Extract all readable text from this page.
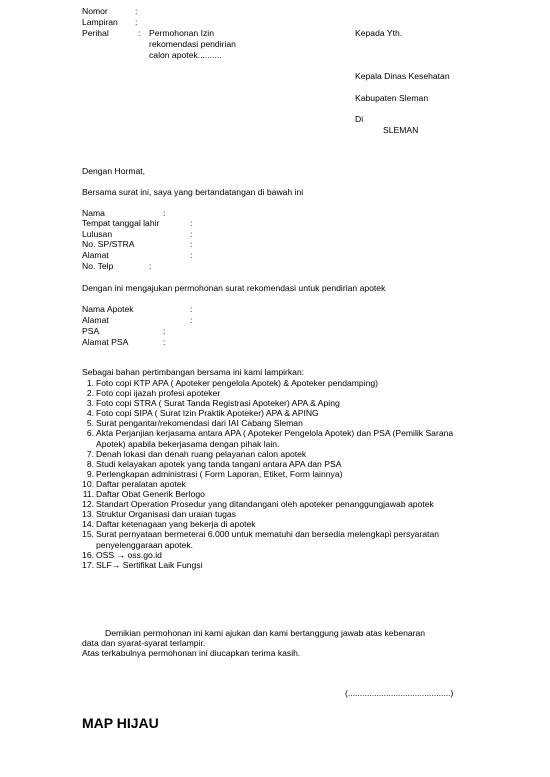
Nomor	:
Lampiran :
Perihal	: Permohonan Izin
rekomendasi pendirian
calon apotek..........
Kepada Yth.
Kepala Dinas Kesehatan
Kabupaten Sleman
Di
SLEMAN
Dengan Hormat,
Bersama surat ini, saya yang bertandatangan di bawah ini
Nama	:
Tempat tanggal lahir	:
Lulusan	:
No. SP/STRA	:
Alamat	:
No. Telp	:
Dengan ini mengajukan permohonan surat rekomendasi untuk pendirian apotek
Nama Apotek	:
Alamat	:
PSA	:
Alamat PSA	:
Sebagai bahan pertimbangan bersama ini kami lampirkan:
1. Foto copi KTP APA ( Apoteker pengelola Apotek) & Apoteker pendamping)
2. Foto copi ijazah profesi apoteker
3. Foto copi STRA ( Surat Tanda Registrasi Apoteker) APA & Aping
4. Foto copi SIPA ( Surat Izin Praktik Apoteker) APA & APING
5. Surat pengantar/rekomendasi dari IAI Cabang Sleman
6. Akta Perjanjian kerjasama antara APA ( Apoteker Pengelola Apotek) dan PSA (Pemilik Sarana Apotek) apabila bekerjasama dengan pihak lain.
7. Denah lokasi dan denah ruang pelayanan calon apotek
8. Studi kelayakan apotek yang tanda tangani antara APA dan PSA
9. Perlengkapan administrasi ( Form Laporan, Etiket, Form lainnya)
10. Daftar peralatan apotek
11. Daftar Obat Generik Berlogo
12. Standart Operation Prosedur yang ditandangani oleh apoteker penanggungjawab apotek
13. Struktur Organisasi dan uraian tugas
14. Daftar ketenagaan yang bekerja di apotek
15. Surat pernyataan bermeterai 6.000 untuk mematuhi dan bersedia melengkapi persyaratan penyelenggaraan apotek.
16. OSS → oss.go.id
17. SLF→ Sertifikat Laik Fungsi
Demikian permohonan ini kami ajukan dan kami bertanggung jawab atas kebenaran
data dan syarat-syarat terlampir.
Atas terkabulnya permohonan ini diucapkan terima kasih.
(...........................................)
MAP HIJAU
